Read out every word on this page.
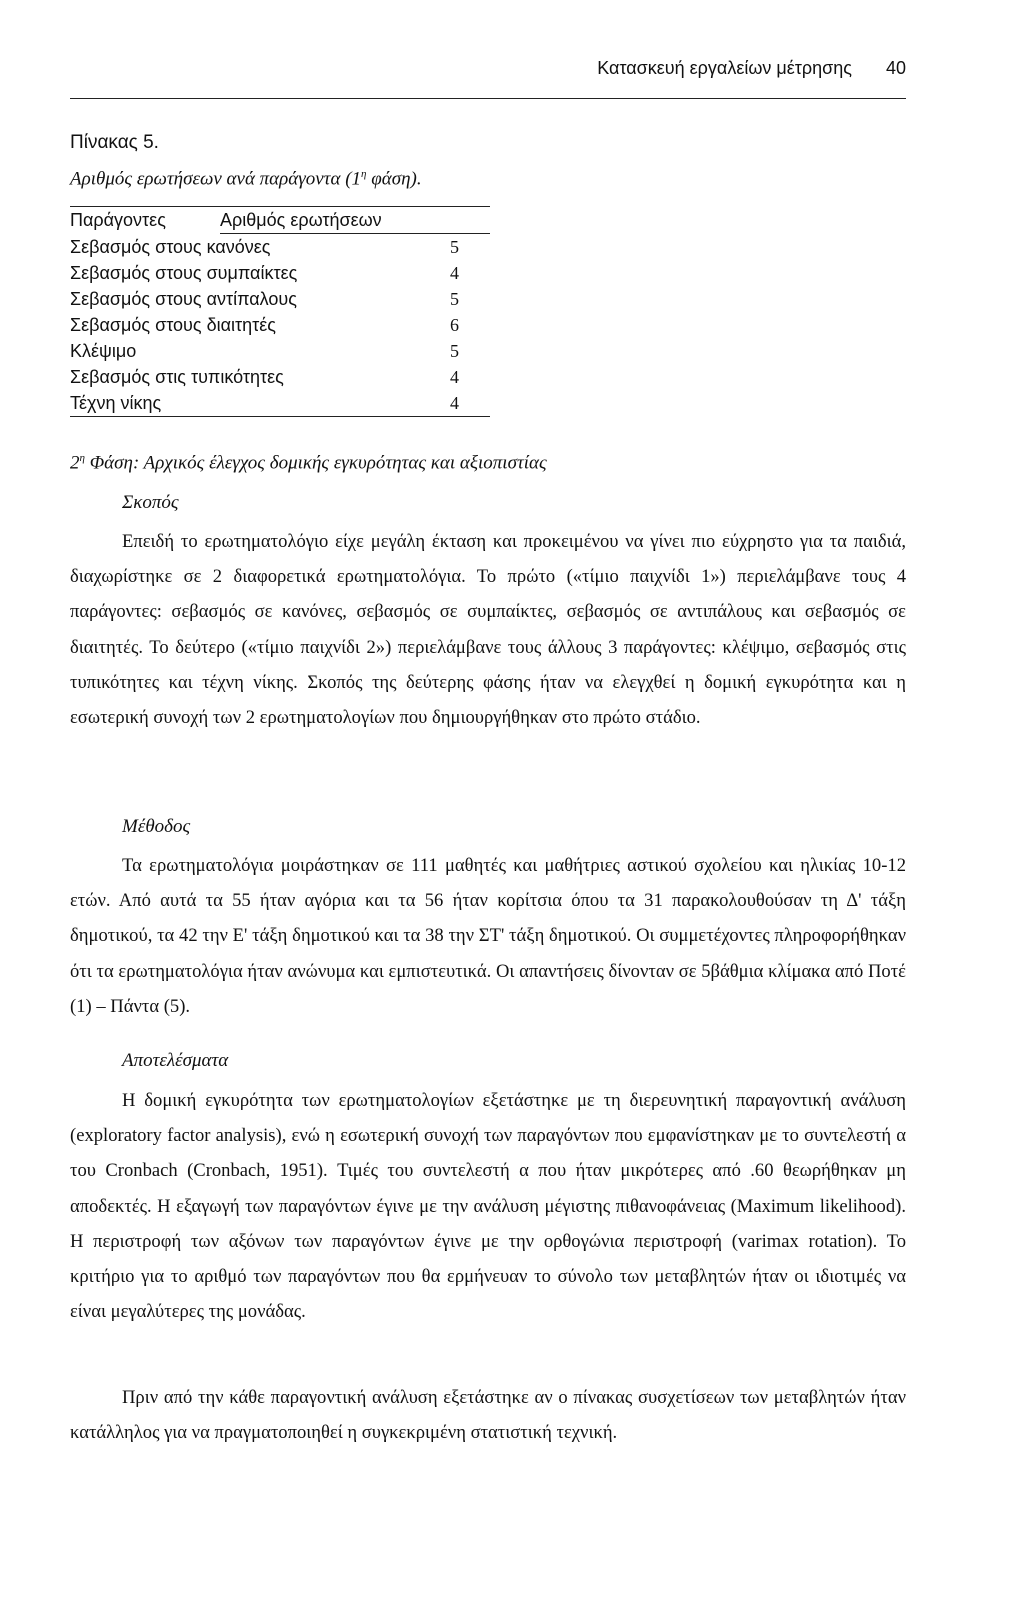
Κατασκευή εργαλείων μέτρησης 40
Πίνακας 5.
Αριθμός ερωτήσεων ανά παράγοντα ($1^\eta$ φάση).
Παράγοντες	Αριθμός ερωτήσεων
Σεβασμός στους κανόνες	5
Σεβασμός στους συμπαίκτες	4
Σεβασμός στους αντίπαλους	5
Σεβασμός στους διαιτητές	6
Κλέψιμο	5
Σεβασμός στις τυπικότητες	4
Τέχνη νίκης	4
$2^\eta$ Φάση: Αρχικός έλεγχος δομικής εγκυρότητας και αξιοπιστίας
Σκοπός
Επειδή το ερωτηματολόγιο είχε μεγάλη έκταση και προκειμένου να γίνει πιο εύχρηστο για τα παιδιά, διαχωρίστηκε σε 2 διαφορετικά ερωτηματολόγια. Το πρώτο («τίμιο παιχνίδι 1») περιελάμβανε τους 4 παράγοντες: σεβασμός σε κανόνες, σεβασμός σε συμπαίκτες, σεβασμός σε αντιπάλους και σεβασμός σε διαιτητές. Το δεύτερο («τίμιο παιχνίδι 2») περιελάμβανε τους άλλους 3 παράγοντες: κλέψιμο, σεβασμός στις τυπικότητες και τέχνη νίκης. Σκοπός της δεύτερης φάσης ήταν να ελεγχθεί η δομική εγκυρότητα και η εσωτερική συνοχή των 2 ερωτηματολογίων που δημιουργήθηκαν στο πρώτο στάδιο.
Μέθοδος
Τα ερωτηματολόγια μοιράστηκαν σε 111 μαθητές και μαθήτριες αστικού σχολείου και ηλικίας 10-12 ετών. Από αυτά τα 55 ήταν αγόρια και τα 56 ήταν κορίτσια όπου τα 31 παρακολουθούσαν τη Δ' τάξη δημοτικού, τα 42 την Ε' τάξη δημοτικού και τα 38 την ΣΤ' τάξη δημοτικού. Οι συμμετέχοντες πληροφορήθηκαν ότι τα ερωτηματολόγια ήταν ανώνυμα και εμπιστευτικά. Οι απαντήσεις δίνονταν σε 5βάθμια κλίμακα από Ποτέ (1) – Πάντα (5).
Αποτελέσματα
Η δομική εγκυρότητα των ερωτηματολογίων εξετάστηκε με τη διερευνητική παραγοντική ανάλυση (exploratory factor analysis), ενώ η εσωτερική συνοχή των παραγόντων που εμφανίστηκαν με το συντελεστή α του Cronbach (Cronbach, 1951). Τιμές του συντελεστή α που ήταν μικρότερες από .60 θεωρήθηκαν μη αποδεκτές. Η εξαγωγή των παραγόντων έγινε με την ανάλυση μέγιστης πιθανοφάνειας (Maximum likelihood). Η περιστροφή των αξόνων των παραγόντων έγινε με την ορθογώνια περιστροφή (varimax rotation). Το κριτήριο για το αριθμό των παραγόντων που θα ερμήνευαν το σύνολο των μεταβλητών ήταν οι ιδιοτιμές να είναι μεγαλύτερες της μονάδας.
Πριν από την κάθε παραγοντική ανάλυση εξετάστηκε αν ο πίνακας συσχετίσεων των μεταβλητών ήταν κατάλληλος για να πραγματοποιηθεί η συγκεκριμένη στατιστική τεχνική.
